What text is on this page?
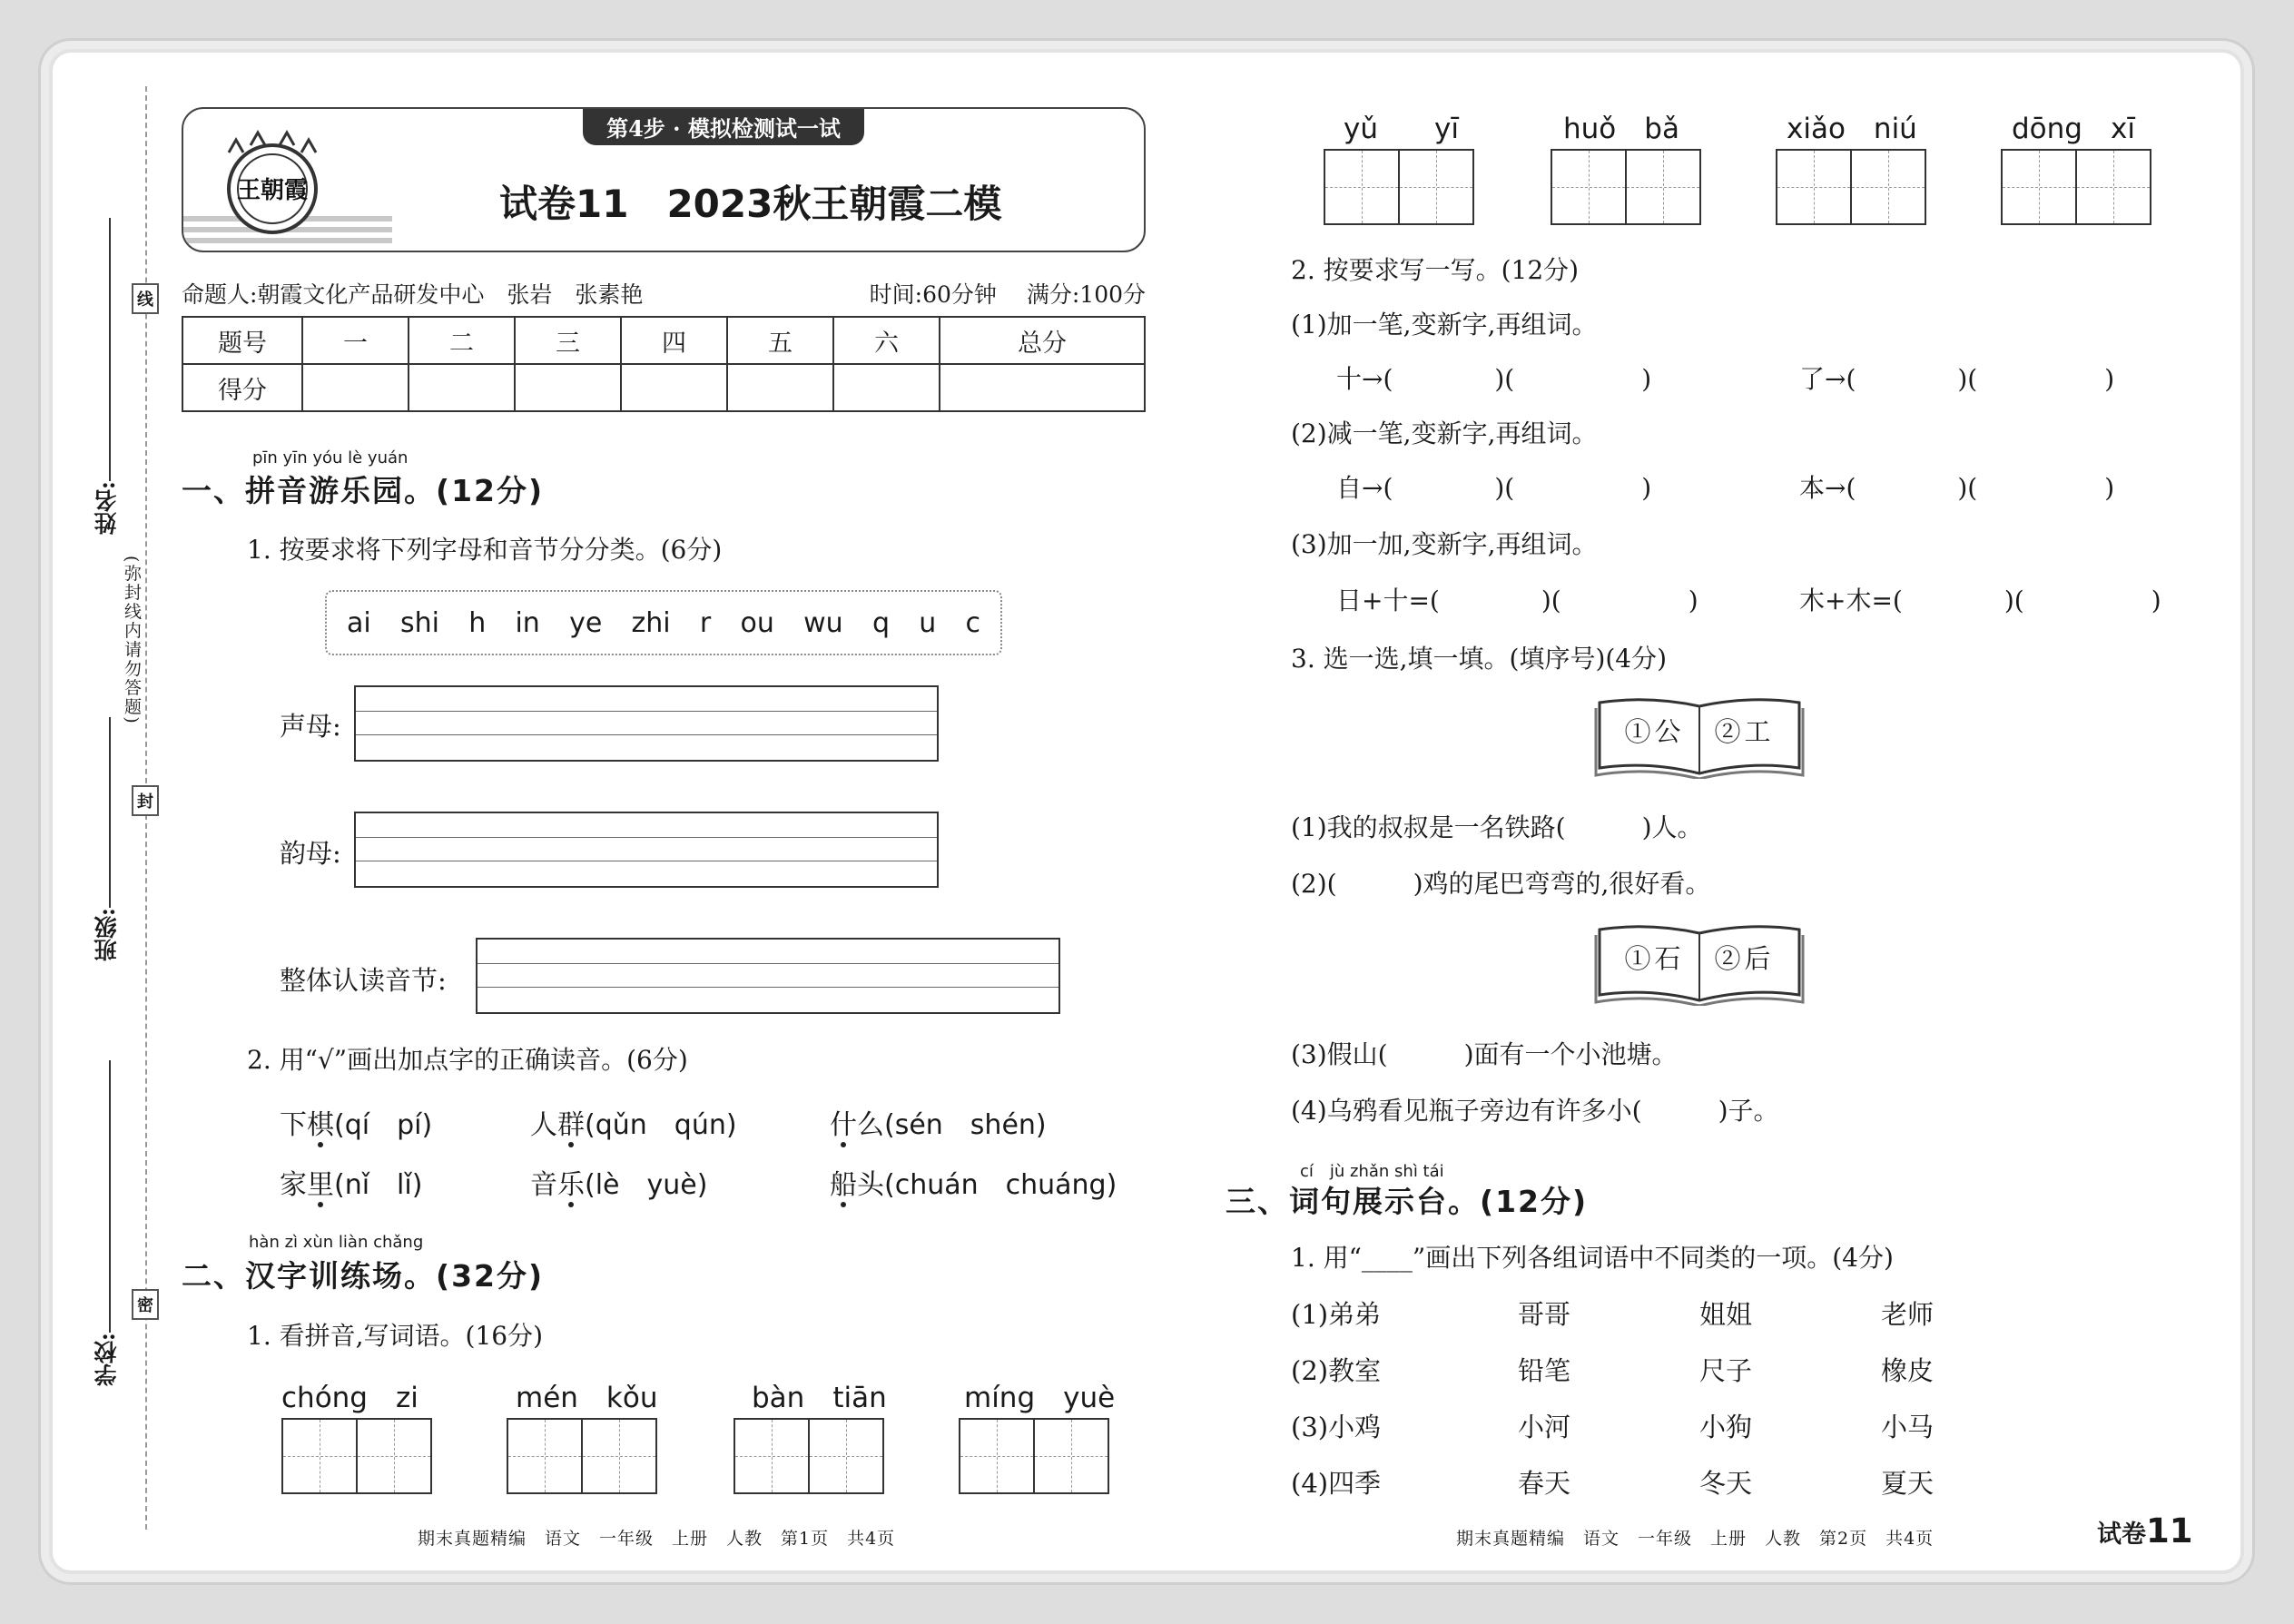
线
封
密
姓名:
班级:
学校:
(弥封线内请勿答题)
王朝霞
第4步 · 模拟检测试一试
试卷11　2023秋王朝霞二模
命题人:朝霞文化产品研发中心　张岩　张素艳	时间:60分钟　 满分:100分
题号	一	二	三	四	五	六	总分
得分							
pīn yīn yóu lè yuán
一、拼音游乐园。(12分)
1. 按要求将下列字母和音节分分类。(6分)
ai shi h in ye zhi r ou wu q u c
声母:
韵母:
整体认读音节:
2. 用“√”画出加点字的正确读音。(6分)
下棋(qí　pí)	人群(qǔn　qún)	什么(sén　shén)
家里(nǐ　lǐ)	音乐(lè　yuè)	船头(chuán　chuáng)
hàn zì xùn liàn chǎng
二、汉字训练场。(32分)
1. 看拼音,写词语。(16分)
chóng　zi	mén　kǒu	bàn　tiān	míng　yuè
期末真题精编　语文　一年级　上册　人教　第1页　共4页
yǔ　　yī	huǒ　bǎ	xiǎo　niú	dōng　xī
2. 按要求写一写。(12分)
(1)加一笔,变新字,再组词。
十→(　　　　)(　　　　　)	了→(　　　　)(　　　　　)
(2)减一笔,变新字,再组词。
自→(　　　　)(　　　　　)	本→(　　　　)(　　　　　)
(3)加一加,变新字,再组词。
日+十=(　　　　)(　　　　　)	木+木=(　　　　)(　　　　　)
3. 选一选,填一填。(填序号)(4分)
①公　②工
(1)我的叔叔是一名铁路(　　　)人。
(2)(　　　)鸡的尾巴弯弯的,很好看。
①石　②后
(3)假山(　　　)面有一个小池塘。
(4)乌鸦看见瓶子旁边有许多小(　　　)子。
cí　jù zhǎn shì tái
三、词句展示台。(12分)
1. 用“____”画出下列各组词语中不同类的一项。(4分)
(1)弟弟	哥哥	姐姐	老师
(2)教室	铅笔	尺子	橡皮
(3)小鸡	小河	小狗	小马
(4)四季	春天	冬天	夏天
期末真题精编　语文　一年级　上册　人教　第2页　共4页	试卷11
